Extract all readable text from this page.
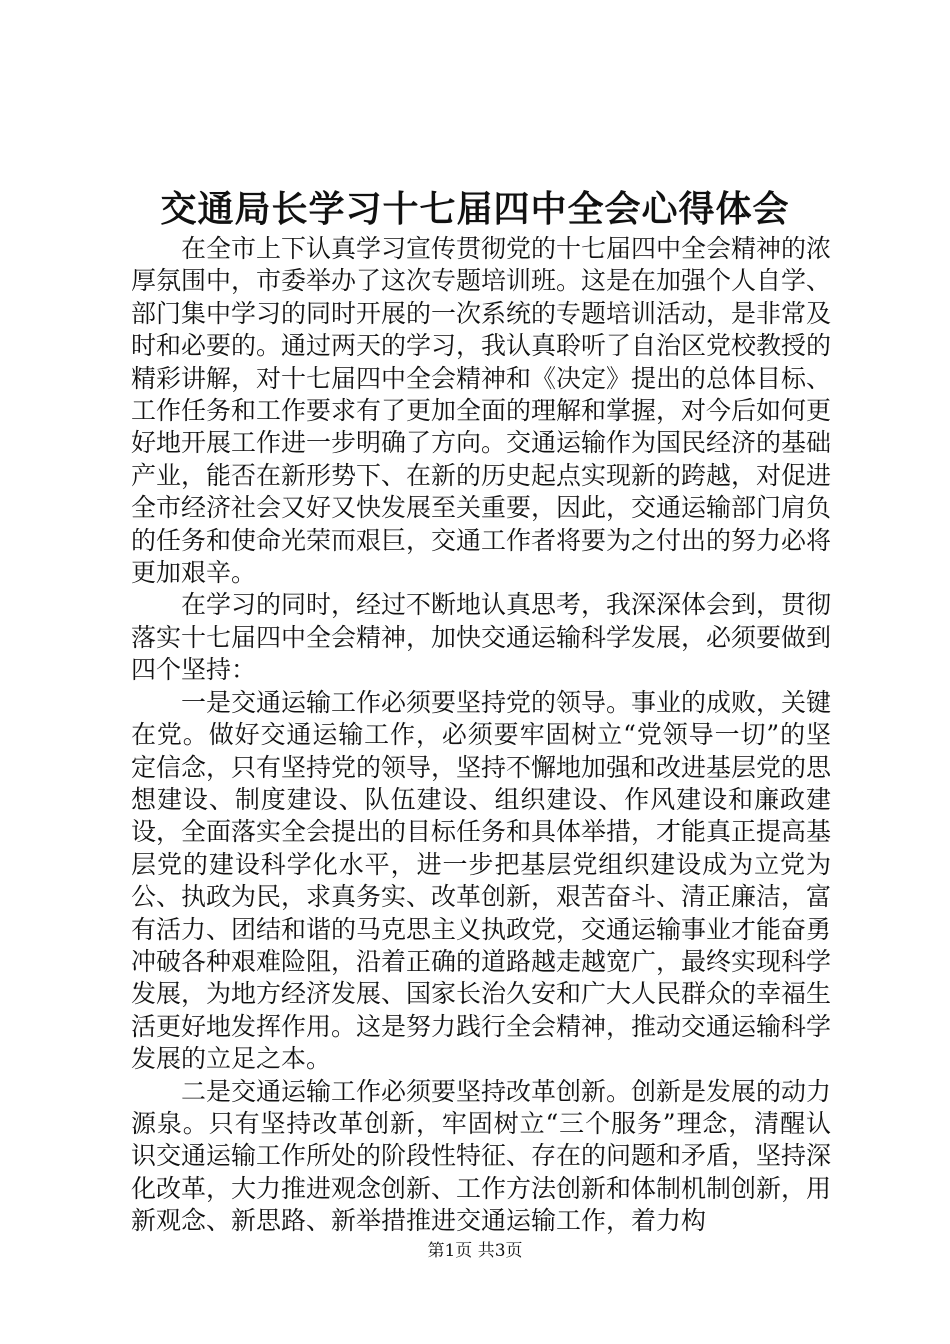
交通局长学习十七届四中全会心得体会

在全市上下认真学习宣传贯彻党的十七届四中全会精神的浓厚氛围中，市委举办了这次专题培训班。这是在加强个人自学、部门集中学习的同时开展的一次系统的专题培训活动，是非常及时和必要的。通过两天的学习，我认真聆听了自治区党校教授的精彩讲解，对十七届四中全会精神和《决定》提出的总体目标、工作任务和工作要求有了更加全面的理解和掌握，对今后如何更好地开展工作进一步明确了方向。交通运输作为国民经济的基础产业，能否在新形势下、在新的历史起点实现新的跨越，对促进全市经济社会又好又快发展至关重要，因此，交通运输部门肩负的任务和使命光荣而艰巨，交通工作者将要为之付出的努力必将更加艰辛。

在学习的同时，经过不断地认真思考，我深深体会到，贯彻落实十七届四中全会精神，加快交通运输科学发展，必须要做到四个坚持：

一是交通运输工作必须要坚持党的领导。事业的成败，关键在党。做好交通运输工作，必须要牢固树立“党领导一切”的坚定信念，只有坚持党的领导，坚持不懈地加强和改进基层党的思想建设、制度建设、队伍建设、组织建设、作风建设和廉政建设，全面落实全会提出的目标任务和具体举措，才能真正提高基层党的建设科学化水平，进一步把基层党组织建设成为立党为公、执政为民，求真务实、改革创新，艰苦奋斗、清正廉洁，富有活力、团结和谐的马克思主义执政党，交通运输事业才能奋勇冲破各种艰难险阻，沿着正确的道路越走越宽广，最终实现科学发展，为地方经济发展、国家长治久安和广大人民群众的幸福生活更好地发挥作用。这是努力践行全会精神，推动交通运输科学发展的立足之本。

二是交通运输工作必须要坚持改革创新。创新是发展的动力源泉。只有坚持改革创新，牢固树立“三个服务”理念，清醒认识交通运输工作所处的阶段性特征、存在的问题和矛盾，坚持深化改革，大力推进观念创新、工作方法创新和体制机制创新，用新观念、新思路、新举措推进交通运输工作，着力构

第1页 共3页
